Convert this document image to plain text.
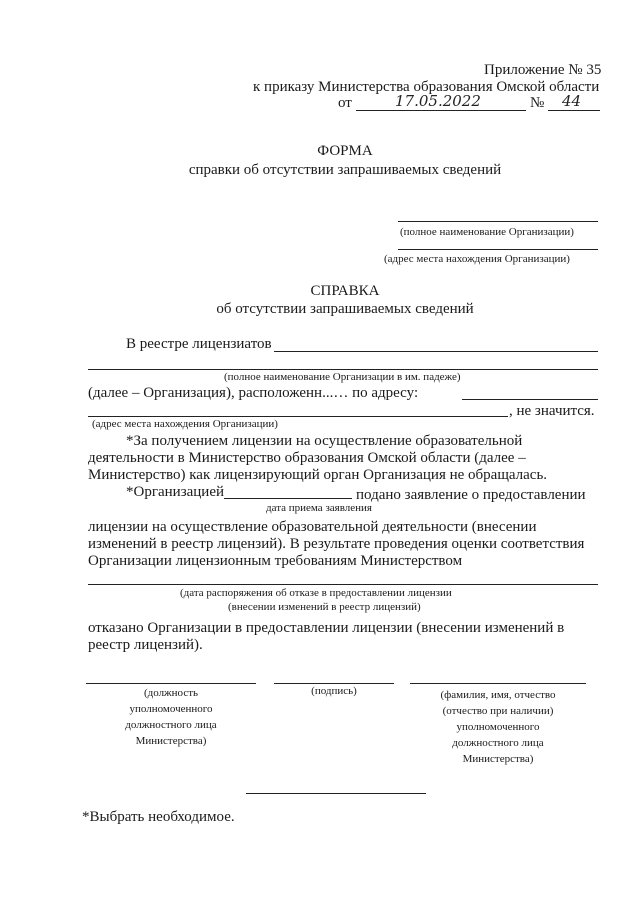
Приложение № 35
к приказу Министерства образования Омской области
от	17.05.2022	№ 44
ФОРМА
справки об отсутствии запрашиваемых сведений
(полное наименование Организации)
(адрес места нахождения Организации)
СПРАВКА
об отсутствии запрашиваемых сведений
В реестре лицензиатов
(полное наименование Организации в им. падеже)
(далее – Организация), расположенн...… по адресу:
, не значится.
(адрес места нахождения Организации)
*За получением лицензии на осуществление образовательной
деятельности в Министерство образования Омской области (далее –
Министерство) как лицензирующий орган Организация не обращалась.
*Организацией	подано заявление о предоставлении
дата приема заявления
лицензии на осуществление образовательной деятельности (внесении
изменений в реестр лицензий). В результате проведения оценки соответствия
Организации лицензионным требованиям Министерством
(дата распоряжения об отказе в предоставлении лицензии
(внесении изменений в реестр лицензий)
отказано Организации в предоставлении лицензии (внесении изменений в
реестр лицензий).
(должность
уполномоченного
должностного лица
Министерства)
(подпись)	(фамилия, имя, отчество
(отчество при наличии)
уполномоченного
должностного лица
Министерства)
*Выбрать необходимое.
